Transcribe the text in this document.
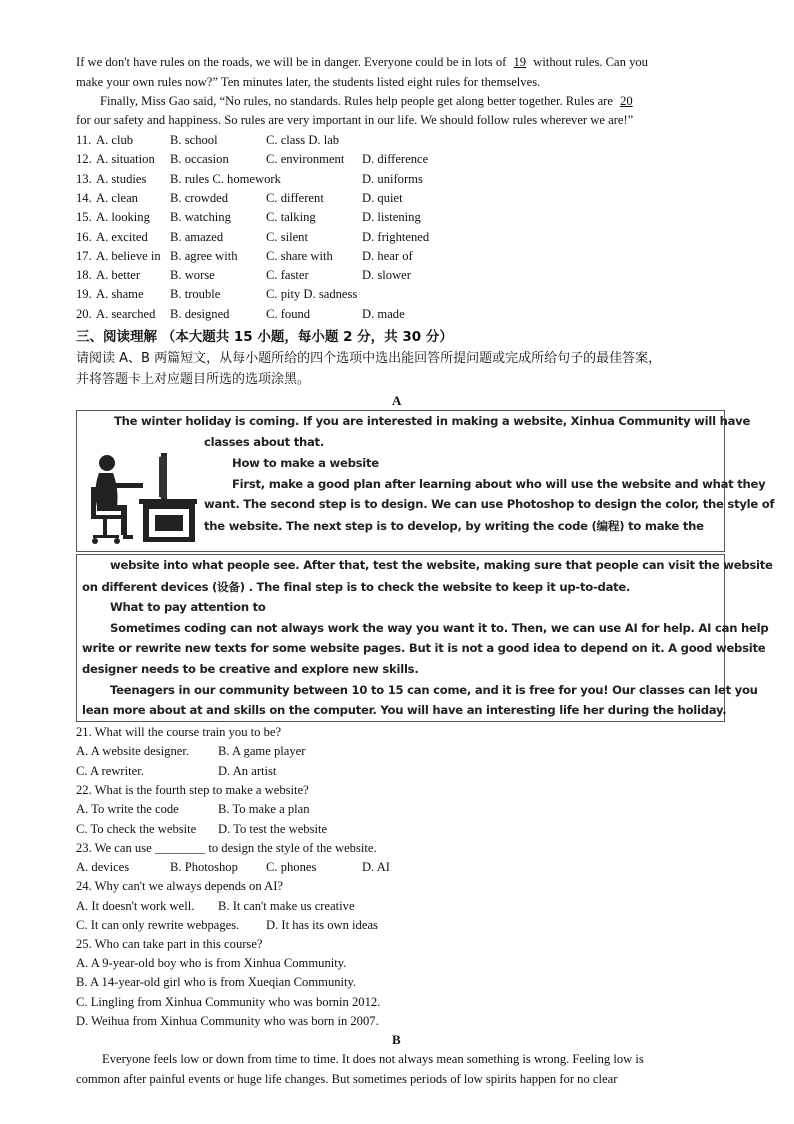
If we don't have rules on the roads, we will be in danger. Everyone could be in lots of 19 without rules. Can you
make your own rules now?” Ten minutes later, the students listed eight rules for themselves.
Finally, Miss Gao said, “No rules, no standards. Rules help people get along better together. Rules are 20
for our safety and happiness. So rules are very important in our life. We should follow rules wherever we are!”
11. A. club	B. school	C. class D. lab
12. A. situation B. occasion	C. environment D. difference
13. A. studies B. rules C. homework	D. uniforms
14. A. clean	B. crowded	C. different	D. quiet
15. A. looking B. watching	C. talking	D. listening
16. A. excited B. amazed	C. silent	D. frightened
17. A. believe in B. agree with C. share with D. hear of
18. A. better B. worse	C. faster	D. slower
19. A. shame B. trouble	C. pity D. sadness
20. A. searched B. designed	C. found	D. made
三、阅读理解 （本大题共 15 小题，每小题 2 分，共 30 分）
请阅读 A、B 两篇短文，从每小题所给的四个选项中选出能回答所提问题或完成所给句子的最佳答案，
并将答题卡上对应题目所选的选项涂黑。
A
The winter holiday is coming. If you are interested in making a website, Xinhua Community will have
classes about that.
How to make a website
First, make a good plan after learning about who will use the website and what they
want. The second step is to design. We can use Photoshop to design the color, the style of
the website. The next step is to develop, by writing the code (编程) to make the
website into what people see. After that, test the website, making sure that people can visit the website
on different devices (设备) . The final step is to check the website to keep it up-to-date.
What to pay attention to
Sometimes coding can not always work the way you want it to. Then, we can use AI for help. AI can help
write or rewrite new texts for some website pages. But it is not a good idea to depend on it. A good website
designer needs to be creative and explore new skills.
Teenagers in our community between 10 to 15 can come, and it is free for you! Our classes can let you
lean more about at and skills on the computer. You will have an interesting life her during the holiday.
21. What will the course train you to be?
A. A website designer. B. A game player
C. A rewriter.	D. An artist
22. What is the fourth step to make a website?
A. To write the code	B. To make a plan
C. To check the website D. To test the website
23. We can use ________ to design the style of the website.
A. devices	B. Photoshop C. phones	D. AI
24. Why can't we always depends on AI?
A. It doesn't work well. B. It can't make us creative
C. It can only rewrite webpages. D. It has its own ideas
25. Who can take part in this course?
A. A 9-year-old boy who is from Xinhua Community.
B. A 14-year-old girl who is from Xueqian Community.
C. Lingling from Xinhua Community who was bornin 2012.
D. Weihua from Xinhua Community who was born in 2007.
B
Everyone feels low or down from time to time. It does not always mean something is wrong. Feeling low is
common after painful events or huge life changes. But sometimes periods of low spirits happen for no clear
